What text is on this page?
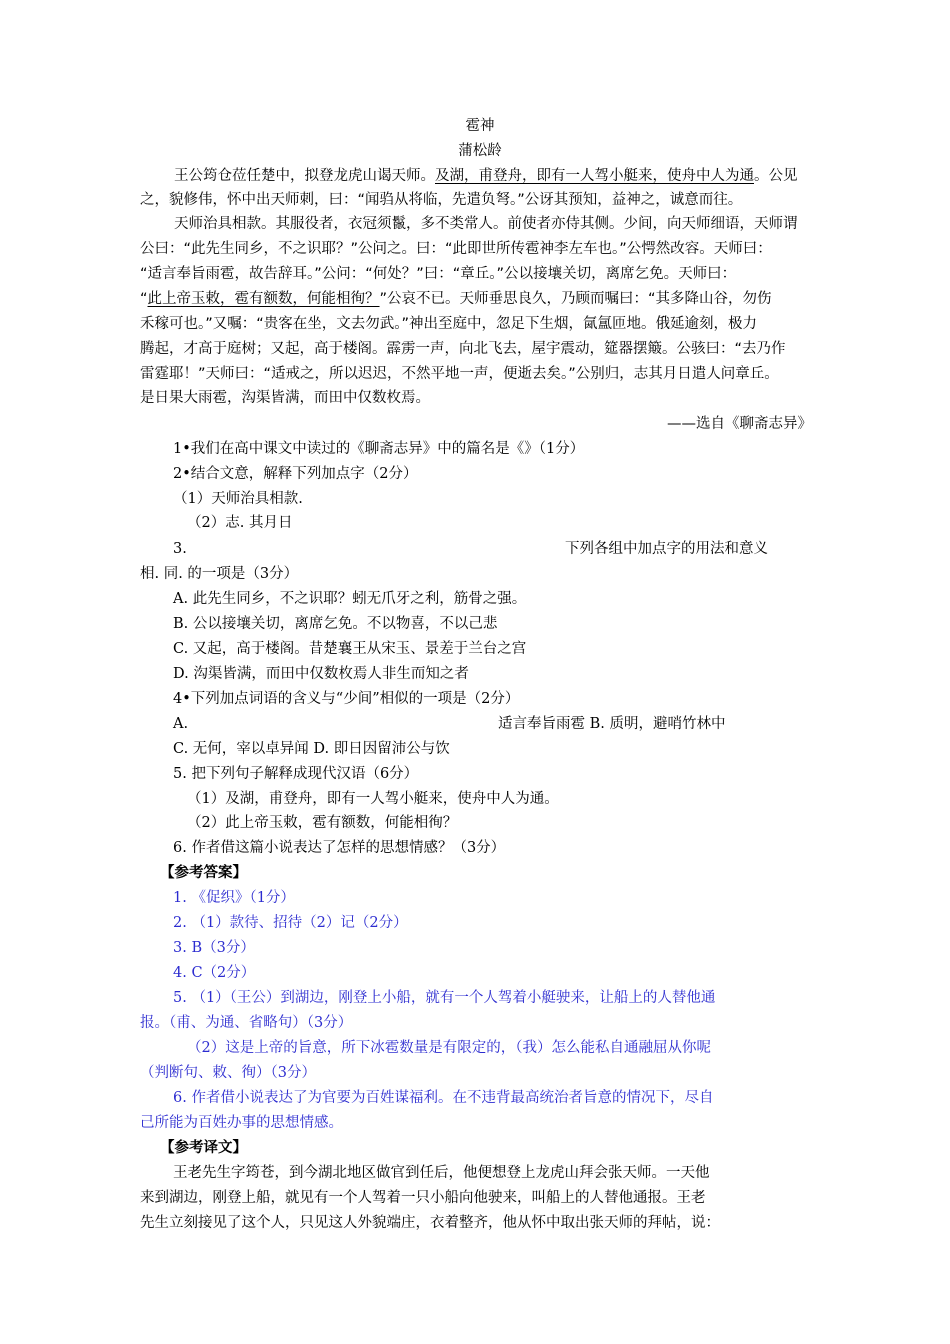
雹神
蒲松龄
王公筠仓莅任楚中，拟登龙虎山谒天师。及湖，甫登舟，即有一人驾小艇来，使舟中人为通。公见
之，貌修伟，怀中出天师刺，曰：“闻驺从将临，先遣负弩。”公讶其预知，益神之，诚意而往。
天师治具相款。其服役者，衣冠须鬣，多不类常人。前使者亦侍其侧。少间，向天师细语，天师谓
公曰：“此先生同乡，不之识耶？”公问之。曰：“此即世所传雹神李左车也。”公愕然改容。天师曰：
“适言奉旨雨雹，故告辞耳。”公问：“何处？”曰：“章丘。”公以接壤关切，离席乞免。天师曰：
“此上帝玉敕，雹有额数，何能相徇？”公哀不已。天师垂思良久，乃顾而嘱曰：“其多降山谷，勿伤
禾稼可也。”又嘱：“贵客在坐，文去勿武。”神出至庭中，忽足下生烟，氤氲匝地。俄延逾刻，极力
腾起，才高于庭树；又起，高于楼阁。霹雳一声，向北飞去，屋宇震动，筵器摆簸。公骇曰：“去乃作
雷霆耶！”天师曰：“适戒之，所以迟迟，不然平地一声，便逝去矣。”公别归，志其月日遣人问章丘。
是日果大雨雹，沟渠皆满，而田中仅数枚焉。
——选自《聊斋志异》
1•我们在高中课文中读过的《聊斋志异》中的篇名是《》（1分）
2•结合文意，解释下列加点字（2分）
（1）天师治具相款.
（2）志. 其月日
3.	下列各组中加点字的用法和意义
相. 同. 的一项是（3分）
A. 此先生同乡，不之识耶？蚓无爪牙之利，筋骨之强。
B. 公以接壤关切，离席乞免。不以物喜，不以己悲
C. 又起，高于楼阁。昔楚襄王从宋玉、景差于兰台之宫
D. 沟渠皆满，而田中仅数枚焉人非生而知之者
4•下列加点词语的含义与“少间”相似的一项是（2分）
A.	适言奉旨雨雹 B. 质明，避哨竹林中
C. 无何，宰以卓异闻 D. 即日因留沛公与饮
5. 把下列句子解释成现代汉语（6分）
（1）及湖，甫登舟，即有一人驾小艇来，使舟中人为通。
（2）此上帝玉敕，雹有额数，何能相徇？
6. 作者借这篇小说表达了怎样的思想情感？（3分）
【参考答案】
1. 《促织》（1分）
2. （1）款待、招待（2）记（2分）
3. B（3分）
4. C（2分）
5. （1）（王公）到湖边，刚登上小船，就有一个人驾着小艇驶来，让船上的人替他通
报。（甫、为通、省略句）（3分）
（2）这是上帝的旨意，所下冰雹数量是有限定的，（我）怎么能私自通融屈从你呢
（判断句、敕、徇）（3分）
6. 作者借小说表达了为官要为百姓谋福利。在不违背最高统治者旨意的情况下，尽自
己所能为百姓办事的思想情感。
【参考译文】
王老先生字筠苍，到今湖北地区做官到任后，他便想登上龙虎山拜会张天师。一天他
来到湖边，刚登上船，就见有一个人驾着一只小船向他驶来，叫船上的人替他通报。王老
先生立刻接见了这个人，只见这人外貌端庄，衣着整齐，他从怀中取出张天师的拜帖，说：
